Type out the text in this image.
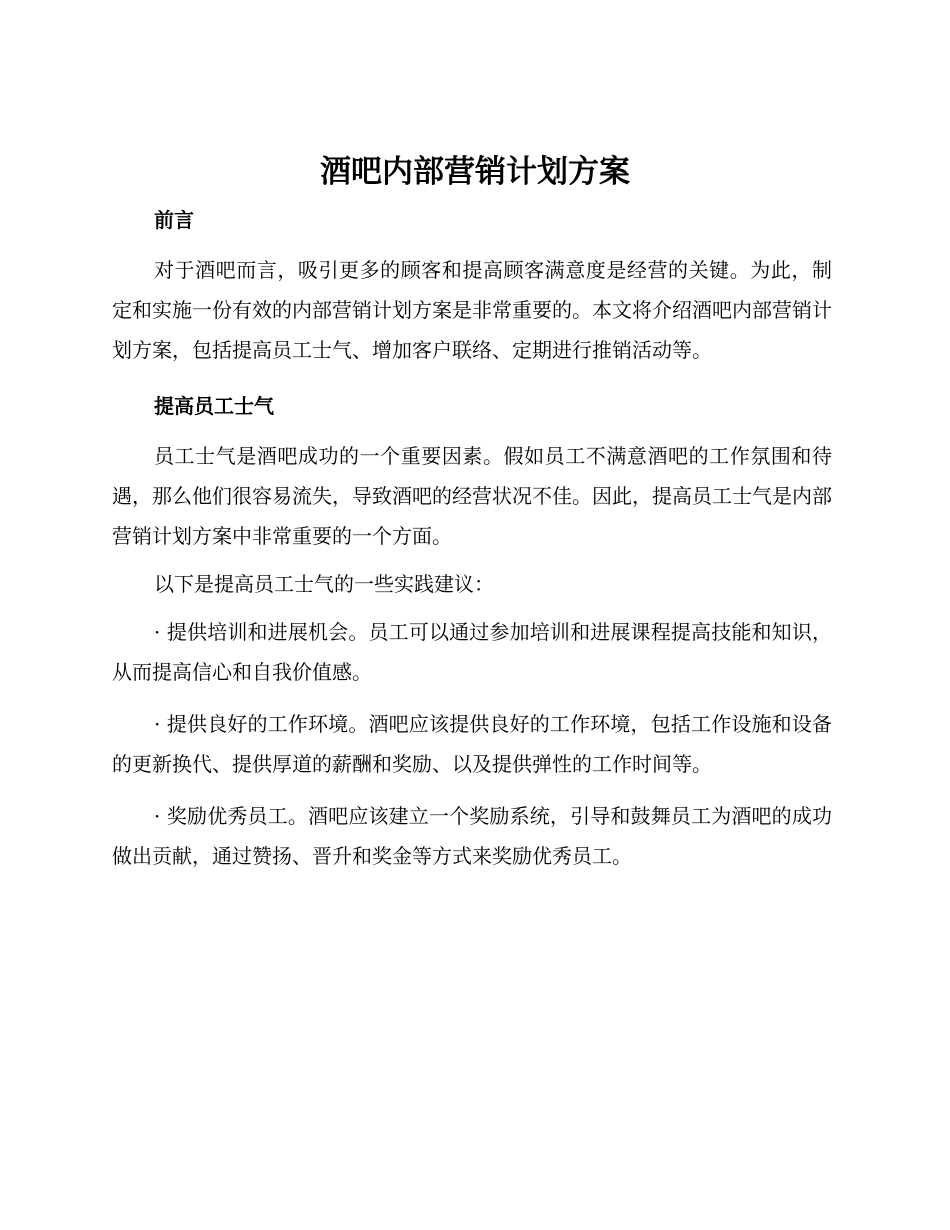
酒吧内部营销计划方案
前言

对于酒吧而言，吸引更多的顾客和提高顾客满意度是经营的关键。为此，制定和实施一份有效的内部营销计划方案是非常重要的。本文将介绍酒吧内部营销计划方案，包括提高员工士气、增加客户联络、定期进行推销活动等。

提高员工士气

员工士气是酒吧成功的一个重要因素。假如员工不满意酒吧的工作氛围和待遇，那么他们很容易流失，导致酒吧的经营状况不佳。因此，提高员工士气是内部营销计划方案中非常重要的一个方面。

以下是提高员工士气的一些实践建议：

· 提供培训和进展机会。员工可以通过参加培训和进展课程提高技能和知识，从而提高信心和自我价值感。

· 提供良好的工作环境。酒吧应该提供良好的工作环境，包括工作设施和设备的更新换代、提供厚道的薪酬和奖励、以及提供弹性的工作时间等。

· 奖励优秀员工。酒吧应该建立一个奖励系统，引导和鼓舞员工为酒吧的成功做出贡献，通过赞扬、晋升和奖金等方式来奖励优秀员工。
